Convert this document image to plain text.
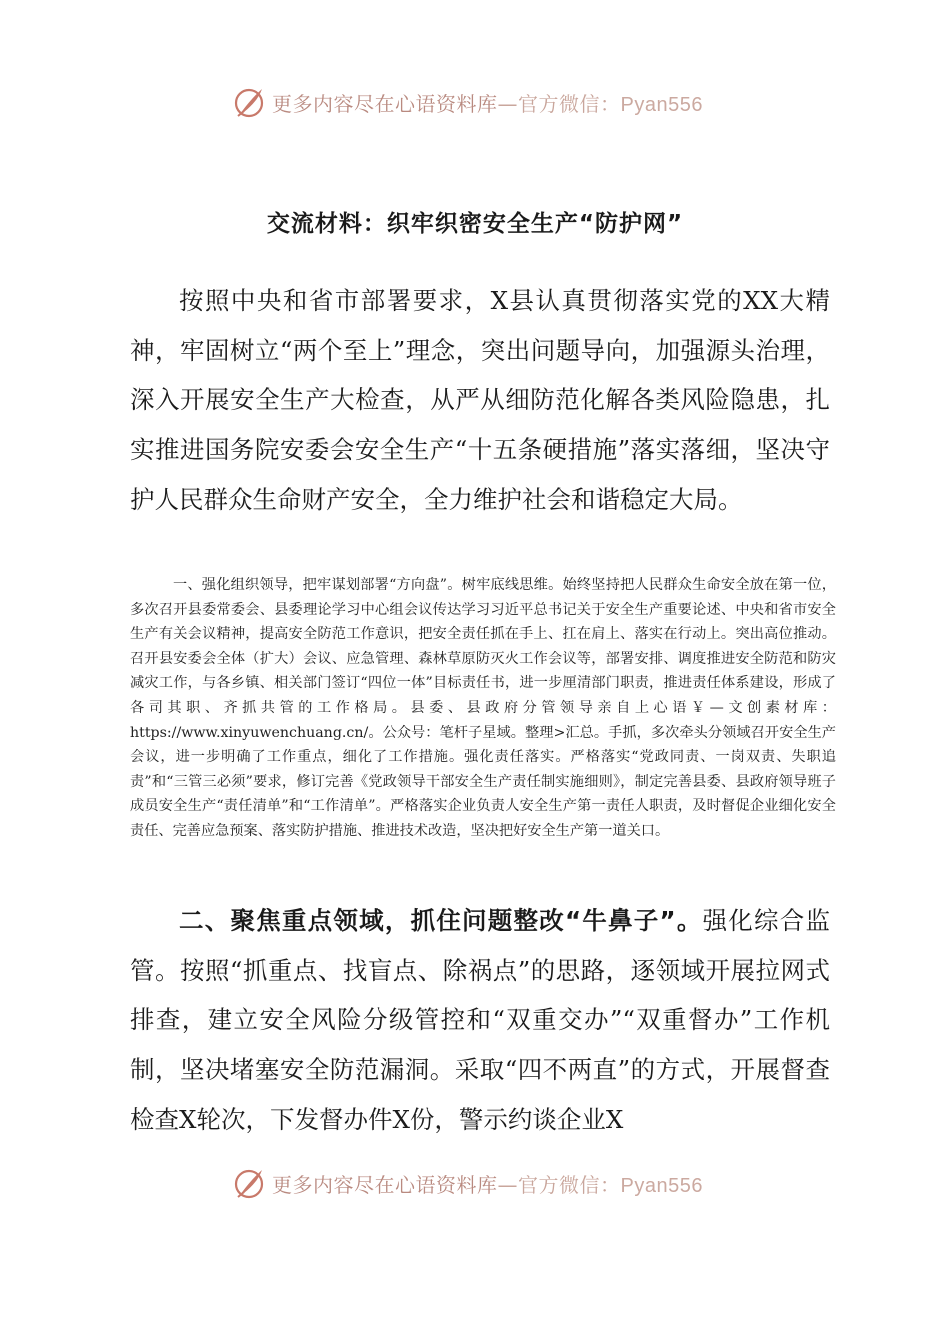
更多内容尽在心语资料库—官方微信：Pyan556
交流材料：织牢织密安全生产“防护网”

按照中央和省市部署要求，X县认真贯彻落实党的XX大精神，牢固树立“两个至上”理念，突出问题导向，加强源头治理，深入开展安全生产大检查，从严从细防范化解各类风险隐患，扎实推进国务院安委会安全生产“十五条硬措施”落实落细，坚决守护人民群众生命财产安全，全力维护社会和谐稳定大局。

一、强化组织领导，把牢谋划部署“方向盘”。树牢底线思维。始终坚持把人民群众生命安全放在第一位，多次召开县委常委会、县委理论学习中心组会议传达学习习近平总书记关于安全生产重要论述、中央和省市安全生产有关会议精神，提高安全防范工作意识，把安全责任抓在手上、扛在肩上、落实在行动上。突出高位推动。召开县安委会全体（扩大）会议、应急管理、森林草原防灭火工作会议等，部署安排、调度推进安全防范和防灾减灾工作，与各乡镇、相关部门签订“四位一体”目标责任书，进一步厘清部门职责，推进责任体系建设，形成了各司其职、齐抓共管的工作格局。县委、县政府分管领导亲自上心语￥—文创素材库：https://www.xinyuwenchuang.cn/。公众号：笔杆子星域。整理>汇总。手抓，多次牵头分领域召开安全生产会议，进一步明确了工作重点，细化了工作措施。强化责任落实。严格落实“党政同责、一岗双责、失职追责”和“三管三必须”要求，修订完善《党政领导干部安全生产责任制实施细则》，制定完善县委、县政府领导班子成员安全生产“责任清单”和“工作清单”。严格落实企业负责人安全生产第一责任人职责，及时督促企业细化安全责任、完善应急预案、落实防护措施、推进技术改造，坚决把好安全生产第一道关口。

二、聚焦重点领域，抓住问题整改“牛鼻子”。强化综合监管。按照“抓重点、找盲点、除祸点”的思路，逐领域开展拉网式排查，建立安全风险分级管控和“双重交办”“双重督办”工作机制，坚决堵塞安全防范漏洞。采取“四不两直”的方式，开展督查检查X轮次，下发督办件X份，警示约谈企业X

更多内容尽在心语资料库—官方微信：Pyan556
